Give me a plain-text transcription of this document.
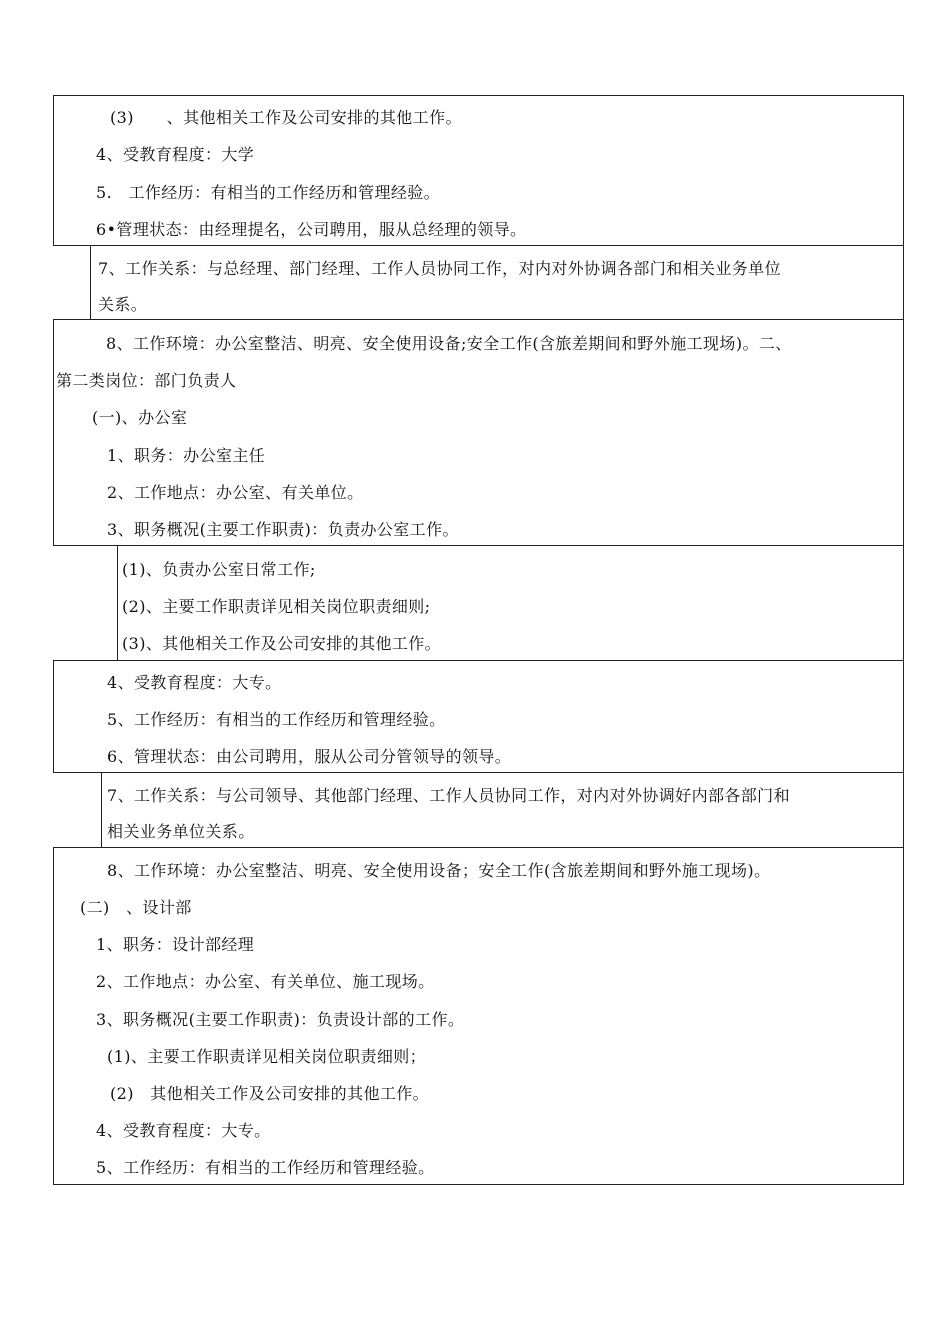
(3)　　、其他相关工作及公司安排的其他工作。
4、受教育程度：大学
5.　工作经历：有相当的工作经历和管理经验。
6•管理状态：由经理提名，公司聘用，服从总经理的领导。
7、工作关系：与总经理、部门经理、工作人员协同工作，对内对外协调各部门和相关业务单位
关系。
8、工作环境：办公室整洁、明亮、安全使用设备;安全工作(含旅差期间和野外施工现场)。二、
第二类岗位：部门负责人
(一)、办公室
1、职务：办公室主任
2、工作地点：办公室、有关单位。
3、职务概况(主要工作职责)：负责办公室工作。
(1)、负责办公室日常工作;
(2)、主要工作职责详见相关岗位职责细则;
(3)、其他相关工作及公司安排的其他工作。
4、受教育程度：大专。
5、工作经历：有相当的工作经历和管理经验。
6、管理状态：由公司聘用，服从公司分管领导的领导。
7、工作关系：与公司领导、其他部门经理、工作人员协同工作，对内对外协调好内部各部门和
相关业务单位关系。
8、工作环境：办公室整洁、明亮、安全使用设备；安全工作(含旅差期间和野外施工现场)。
(二)　、设计部
1、职务：设计部经理
2、工作地点：办公室、有关单位、施工现场。
3、职务概况(主要工作职责)：负责设计部的工作。
(1)、主要工作职责详见相关岗位职责细则；
(2)　其他相关工作及公司安排的其他工作。
4、受教育程度：大专。
5、工作经历：有相当的工作经历和管理经验。
